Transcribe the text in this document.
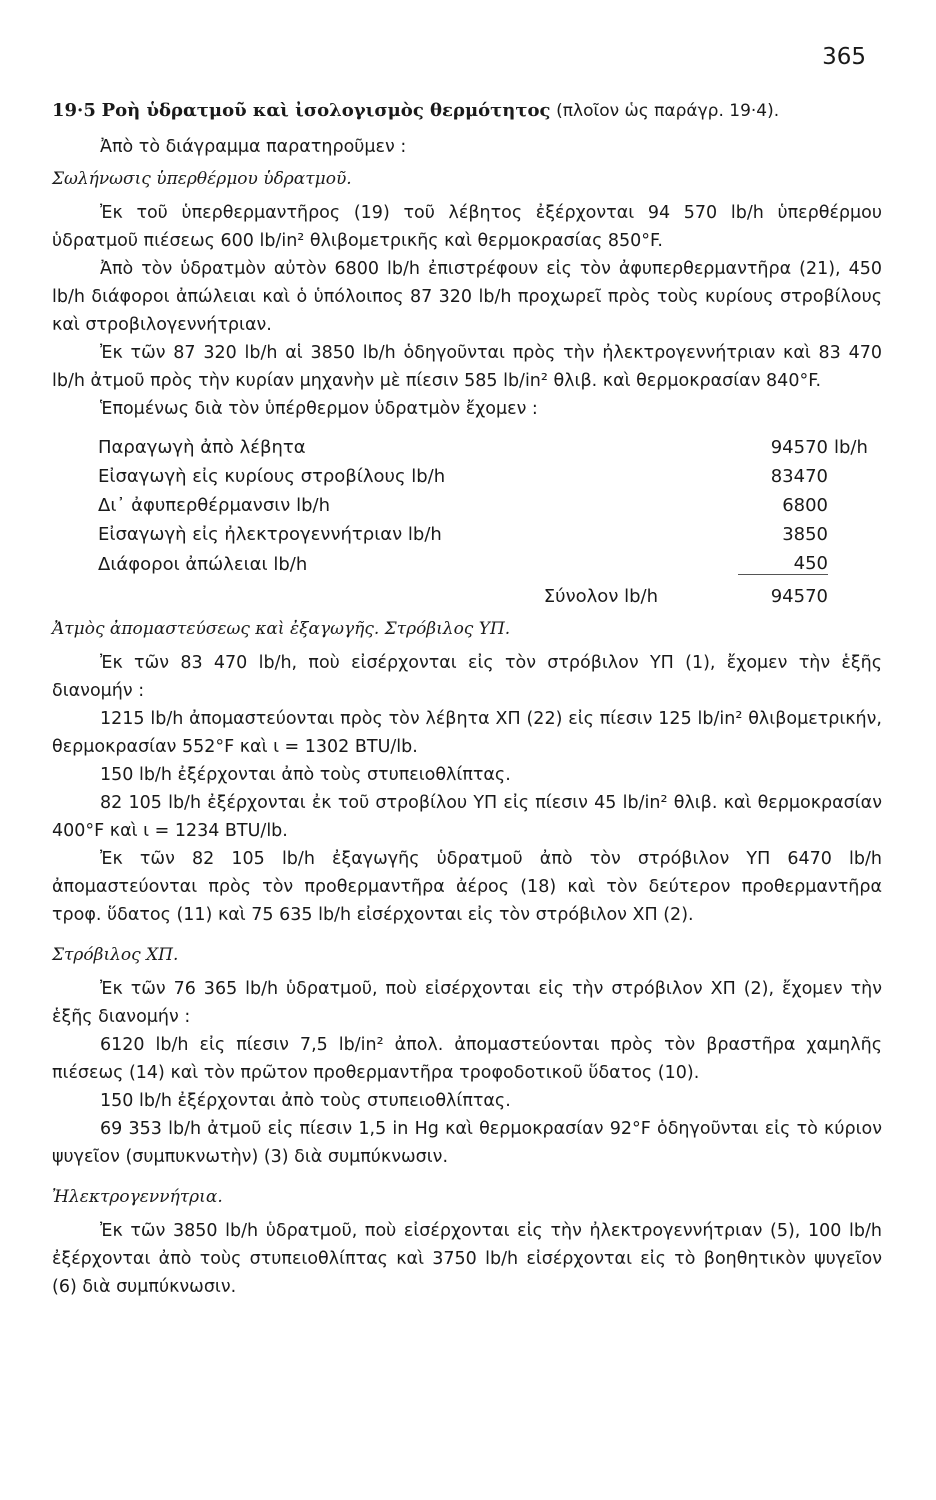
365
19·5 Ροὴ ὑδρατμοῦ καὶ ἰσολογισμὸς θερμότητος (πλοῖον ὡς παράγρ. 19·4).

Ἀπὸ τὸ διάγραμμα παρατηροῦμεν :

Σωλήνωσις ὑπερθέρμου ὑδρατμοῦ.

Ἐκ τοῦ ὑπερθερμαντῆρος (19) τοῦ λέβητος ἐξέρχονται 94 570 lb/h ὑπερθέρμου ὑδρατμοῦ πιέσεως 600 lb/in² θλιβομετρικῆς καὶ θερμοκρασίας 850°F.

Ἀπὸ τὸν ὑδρατμὸν αὐτὸν 6800 lb/h ἐπιστρέφουν εἰς τὸν ἀφυπερθερμαντῆρα (21), 450 lb/h διάφοροι ἀπώλειαι καὶ ὁ ὑπόλοιπος 87 320 lb/h προχωρεῖ πρὸς τοὺς κυρίους στροβίλους καὶ στροβιλογεννήτριαν.

Ἐκ τῶν 87 320 lb/h αἱ 3850 lb/h ὁδηγοῦνται πρὸς τὴν ἠλεκτρογεννήτριαν καὶ 83 470 lb/h ἀτμοῦ πρὸς τὴν κυρίαν μηχανὴν μὲ πίεσιν 585 lb/in² θλιβ. καὶ θερμοκρασίαν 840°F.

Ἑπομένως διὰ τὸν ὑπέρθερμον ὑδρατμὸν ἔχομεν :

Παραγωγὴ ἀπὸ λέβητα	94570	lb/h
Εἰσαγωγὴ εἰς κυρίους στροβίλους lb/h	83470	
Δι᾽ ἀφυπερθέρμανσιν lb/h	6800	
Εἰσαγωγὴ εἰς ἠλεκτρογεννήτριαν lb/h	3850	
Διάφοροι ἀπώλειαι lb/h	450	
Σύνολον lb/h	94570	
Ἀτμὸς ἀπομαστεύσεως καὶ ἐξαγωγῆς. Στρόβιλος ΥΠ.

Ἐκ τῶν 83 470 lb/h, ποὺ εἰσέρχονται εἰς τὸν στρόβιλον ΥΠ (1), ἔχομεν τὴν ἑξῆς διανομήν :

1215 lb/h ἀπομαστεύονται πρὸς τὸν λέβητα ΧΠ (22) εἰς πίεσιν 125 lb/in² θλιβομετρικήν, θερμοκρασίαν 552°F καὶ ι = 1302 BTU/lb.

150 lb/h ἐξέρχονται ἀπὸ τοὺς στυπειοθλίπτας.

82 105 lb/h ἐξέρχονται ἐκ τοῦ στροβίλου ΥΠ εἰς πίεσιν 45 lb/in² θλιβ. καὶ θερμοκρασίαν 400°F καὶ ι = 1234 BTU/lb.

Ἐκ τῶν 82 105 lb/h ἐξαγωγῆς ὑδρατμοῦ ἀπὸ τὸν στρόβιλον ΥΠ 6470 lb/h ἀπομαστεύονται πρὸς τὸν προθερμαντῆρα ἀέρος (18) καὶ τὸν δεύτερον προθερμαντῆρα τροφ. ὕδατος (11) καὶ 75 635 lb/h εἰσέρχονται εἰς τὸν στρόβιλον ΧΠ (2).

Στρόβιλος ΧΠ.

Ἐκ τῶν 76 365 lb/h ὑδρατμοῦ, ποὺ εἰσέρχονται εἰς τὴν στρόβιλον ΧΠ (2), ἔχομεν τὴν ἑξῆς διανομήν :

6120 lb/h εἰς πίεσιν 7,5 lb/in² ἀπολ. ἀπομαστεύονται πρὸς τὸν βραστῆρα χαμηλῆς πιέσεως (14) καὶ τὸν πρῶτον προθερμαντῆρα τροφοδοτικοῦ ὕδατος (10).

150 lb/h ἐξέρχονται ἀπὸ τοὺς στυπειοθλίπτας.

69 353 lb/h ἀτμοῦ εἰς πίεσιν 1,5 in Hg καὶ θερμοκρασίαν 92°F ὁδηγοῦνται εἰς τὸ κύριον ψυγεῖον (συμπυκνωτὴν) (3) διὰ συμπύκνωσιν.

Ἠλεκτρογεννήτρια.

Ἐκ τῶν 3850 lb/h ὑδρατμοῦ, ποὺ εἰσέρχονται εἰς τὴν ἠλεκτρογεννήτριαν (5), 100 lb/h ἐξέρχονται ἀπὸ τοὺς στυπειοθλίπτας καὶ 3750 lb/h εἰσέρχονται εἰς τὸ βοηθητικὸν ψυγεῖον (6) διὰ συμπύκνωσιν.
